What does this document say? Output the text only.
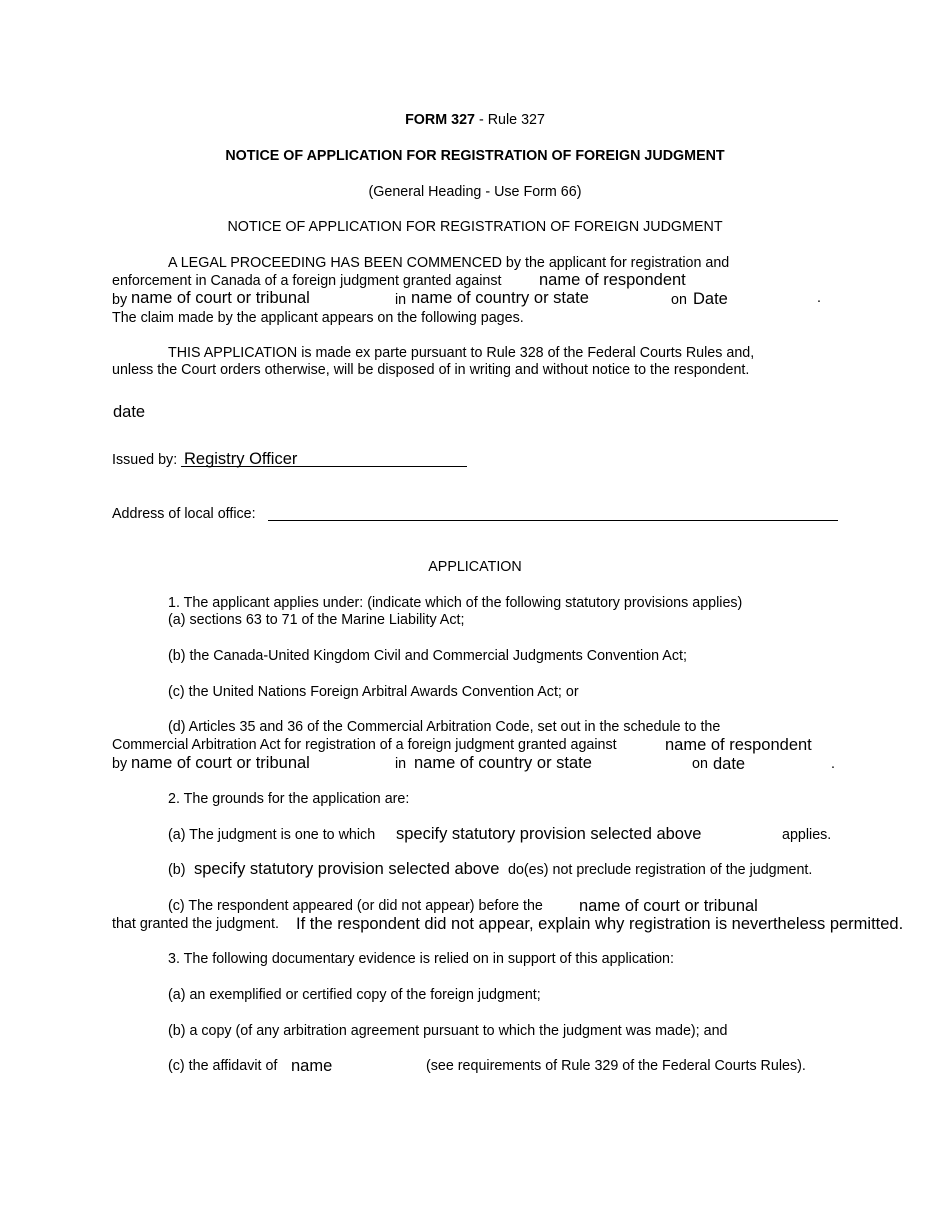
FORM 327 - Rule 327
NOTICE OF APPLICATION FOR REGISTRATION OF FOREIGN JUDGMENT
(General Heading - Use Form 66)
NOTICE OF APPLICATION FOR REGISTRATION OF FOREIGN JUDGMENT
A LEGAL PROCEEDING HAS BEEN COMMENCED by the applicant for registration and
enforcement in Canada of a foreign judgment granted against name of respondent
by name of court or tribunal	in name of country or state	on Date	.
The claim made by the applicant appears on the following pages.
THIS APPLICATION is made ex parte pursuant to Rule 328 of the Federal Courts Rules and,
unless the Court orders otherwise, will be disposed of in writing and without notice to the respondent.
date
Issued by: Registry Officer
Address of local office:
APPLICATION
1. The applicant applies under: (indicate which of the following statutory provisions applies)
(a) sections 63 to 71 of the Marine Liability Act;
(b) the Canada-United Kingdom Civil and Commercial Judgments Convention Act;
(c) the United Nations Foreign Arbitral Awards Convention Act; or
(d) Articles 35 and 36 of the Commercial Arbitration Code, set out in the schedule to the
Commercial Arbitration Act for registration of a foreign judgment granted against	name of respondent
by name of court or tribunal	in name of country or state	on date	.
2. The grounds for the application are:
(a) The judgment is one to which specify statutory provision selected above	applies.
(b) specify statutory provision selected above do(es) not preclude registration of the judgment.
(c) The respondent appeared (or did not appear) before the name of court or tribunal
that granted the judgment. If the respondent did not appear, explain why registration is nevertheless permitted.
3. The following documentary evidence is relied on in support of this application:
(a) an exemplified or certified copy of the foreign judgment;
(b) a copy (of any arbitration agreement pursuant to which the judgment was made); and
(c) the affidavit of name	(see requirements of Rule 329 of the Federal Courts Rules).
